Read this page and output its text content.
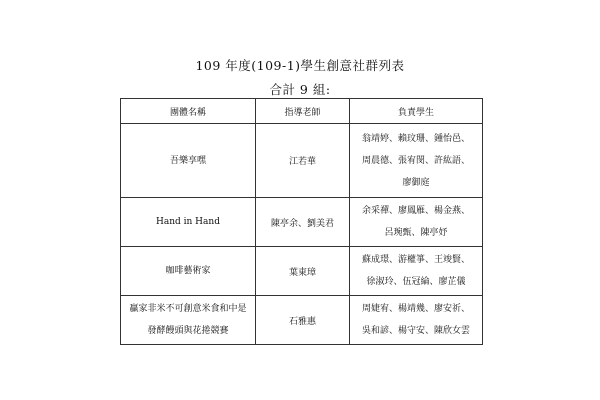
109 年度(109-1)學生創意社群列表
合計 9 組:
團體名稱	指導老師	負責學生

吾樂享嘿	江若華	翁靖婷、賴玟珊、鍾怡邑、
周晨德、張宥閔、許紘語、
廖御庭

Hand in Hand	陳亭余、劉美君	余采禪、廖鳳雁、楊金燕、
呂琬甄、陳亭妤

咖啡藝術家	葉東璋	蘇成璟、游權箏、王竣賢、
徐淑玲、伍冠綸、廖芷儀

贏家非米不可創意米食和中是
發酵饅頭與花捲競賽	石雅惠	周婕宥、楊靖幾、廖安祈、
吳和諺、楊守安、陳欣女雲
